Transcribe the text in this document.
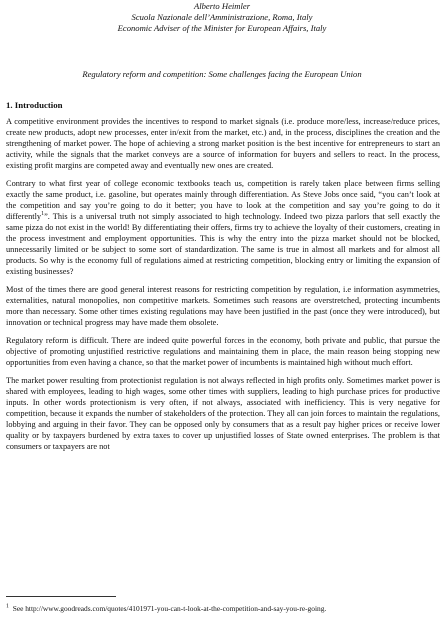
Alberto Heimler
Scuola Nazionale dell’Amministrazione, Roma, Italy
Economic Adviser of the Minister for European Affairs, Italy
Regulatory reform and competition: Some challenges facing the European Union
1. Introduction

A competitive environment provides the incentives to respond to market signals (i.e. produce more/less, increase/reduce prices, create new products, adopt new processes, enter in/exit from the market, etc.) and, in the process, disciplines the creation and the strengthening of market power. The hope of achieving a strong market position is the best incentive for entrepreneurs to start an activity, while the signals that the market conveys are a source of information for buyers and sellers to react. In the process, existing profit margins are competed away and eventually new ones are created.

Contrary to what first year of college economic textbooks teach us, competition is rarely taken place between firms selling exactly the same product, i.e. gasoline, but operates mainly through differentiation. As Steve Jobs once said, “you can’t look at the competition and say you’re going to do it better; you have to look at the competition and say you’re going to do it differently$^1$”. This is a universal truth not simply associated to high technology. Indeed two pizza parlors that sell exactly the same pizza do not exist in the world! By differentiating their offers, firms try to achieve the loyalty of their customers, creating in the process investment and employment opportunities. This is why the entry into the pizza market should not be blocked, unnecessarily limited or be subject to some sort of standardization. The same is true in almost all markets and for almost all products. So why is the economy full of regulations aimed at restricting competition, blocking entry or limiting the expansion of existing businesses?

Most of the times there are good general interest reasons for restricting competition by regulation, i.e information asymmetries, externalities, natural monopolies, non competitive markets. Sometimes such reasons are overstretched, protecting incumbents more than necessary. Some other times existing regulations may have been justified in the past (once they were introduced), but innovation or technical progress may have made them obsolete.

Regulatory reform is difficult. There are indeed quite powerful forces in the economy, both private and public, that pursue the objective of promoting unjustified restrictive regulations and maintaining them in place, the main reason being stopping new opportunities from even having a chance, so that the market power of incumbents is maintained high without much effort.

The market power resulting from protectionist regulation is not always reflected in high profits only. Sometimes market power is shared with employees, leading to high wages, some other times with suppliers, leading to high purchase prices for productive inputs. In other words protectionism is very often, if not always, associated with inefficiency. This is very negative for competition, because it expands the number of stakeholders of the protection. They all can join forces to maintain the regulations, lobbying and arguing in their favor. They can be opposed only by consumers that as a result pay higher prices or receive lower quality or by taxpayers burdened by extra taxes to cover up unjustified losses of State owned enterprises. The problem is that consumers or taxpayers are not

$^1$ See http://www.goodreads.com/quotes/4101971-you-can-t-look-at-the-competition-and-say-you-re-going.
